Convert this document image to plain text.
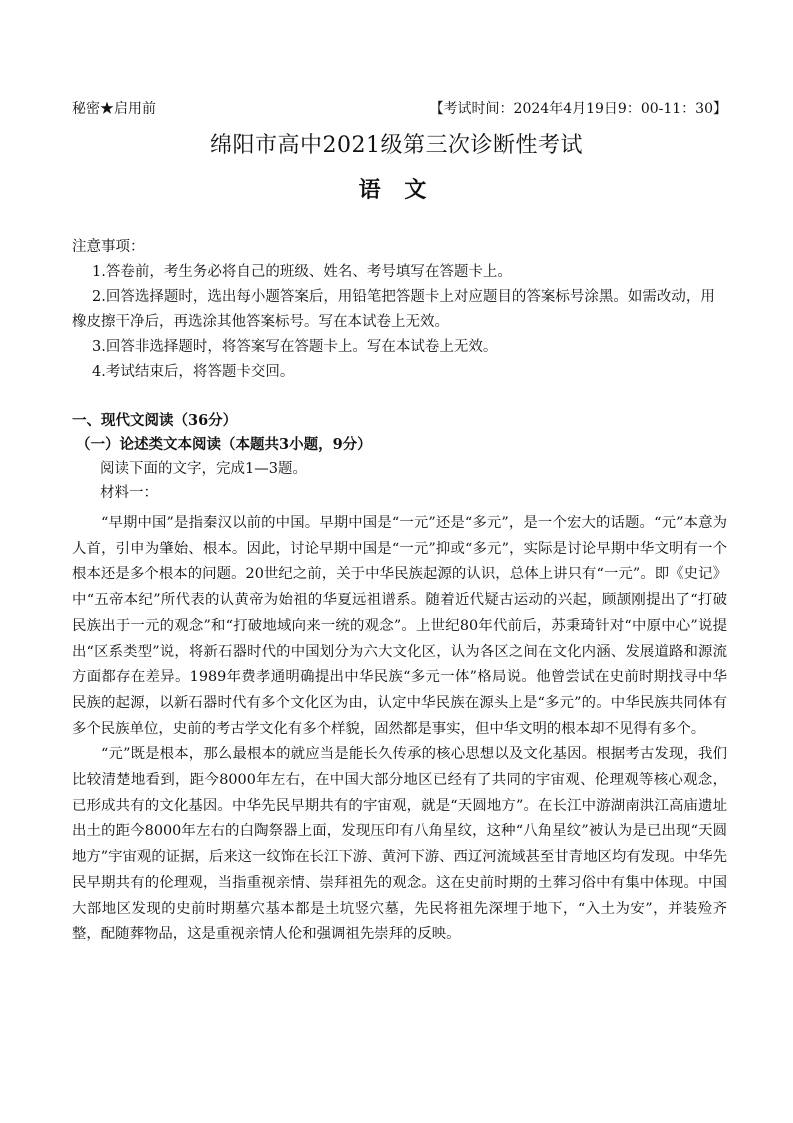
秘密★启用前	【考试时间：2024年4月19日9：00-11：30】
绵阳市高中2021级第三次诊断性考试
语 文

注意事项：

1.答卷前，考生务必将自己的班级、姓名、考号填写在答题卡上。

2.回答选择题时，选出每小题答案后，用铅笔把答题卡上对应题目的答案标号涂黑。如需改动，用橡皮擦干净后，再选涂其他答案标号。写在本试卷上无效。

3.回答非选择题时，将答案写在答题卡上。写在本试卷上无效。

4.考试结束后，将答题卡交回。

一、现代文阅读（36分）

（一）论述类文本阅读（本题共3小题，9分）

阅读下面的文字，完成1—3题。

材料一：

“早期中国”是指秦汉以前的中国。早期中国是“一元”还是“多元”，是一个宏大的话题。“元”本意为人首，引申为肇始、根本。因此，讨论早期中国是“一元”抑或“多元”，实际是讨论早期中华文明有一个根本还是多个根本的问题。20世纪之前，关于中华民族起源的认识，总体上讲只有“一元”。即《史记》中“五帝本纪”所代表的认黄帝为始祖的华夏远祖谱系。随着近代疑古运动的兴起，顾颉刚提出了“打破民族出于一元的观念”和“打破地域向来一统的观念”。上世纪80年代前后，苏秉琦针对“中原中心”说提出“区系类型”说，将新石器时代的中国划分为六大文化区，认为各区之间在文化内涵、发展道路和源流方面都存在差异。1989年费孝通明确提出中华民族“多元一体”格局说。他曾尝试在史前时期找寻中华民族的起源，以新石器时代有多个文化区为由，认定中华民族在源头上是“多元”的。中华民族共同体有多个民族单位，史前的考古学文化有多个样貌，固然都是事实，但中华文明的根本却不见得有多个。

“元”既是根本，那么最根本的就应当是能长久传承的核心思想以及文化基因。根据考古发现，我们比较清楚地看到，距今8000年左右，在中国大部分地区已经有了共同的宇宙观、伦理观等核心观念，已形成共有的文化基因。中华先民早期共有的宇宙观，就是“天圆地方”。在长江中游湖南洪江高庙遗址出土的距今8000年左右的白陶祭器上面，发现压印有八角星纹，这种“八角星纹”被认为是已出现“天圆地方”宇宙观的证据，后来这一纹饰在长江下游、黄河下游、西辽河流域甚至甘青地区均有发现。中华先民早期共有的伦理观，当指重视亲情、崇拜祖先的观念。这在史前时期的土葬习俗中有集中体现。中国大部地区发现的史前时期墓穴基本都是土坑竖穴墓，先民将祖先深埋于地下，“入土为安”，并装殓齐整，配随葬物品，这是重视亲情人伦和强调祖先崇拜的反映。
